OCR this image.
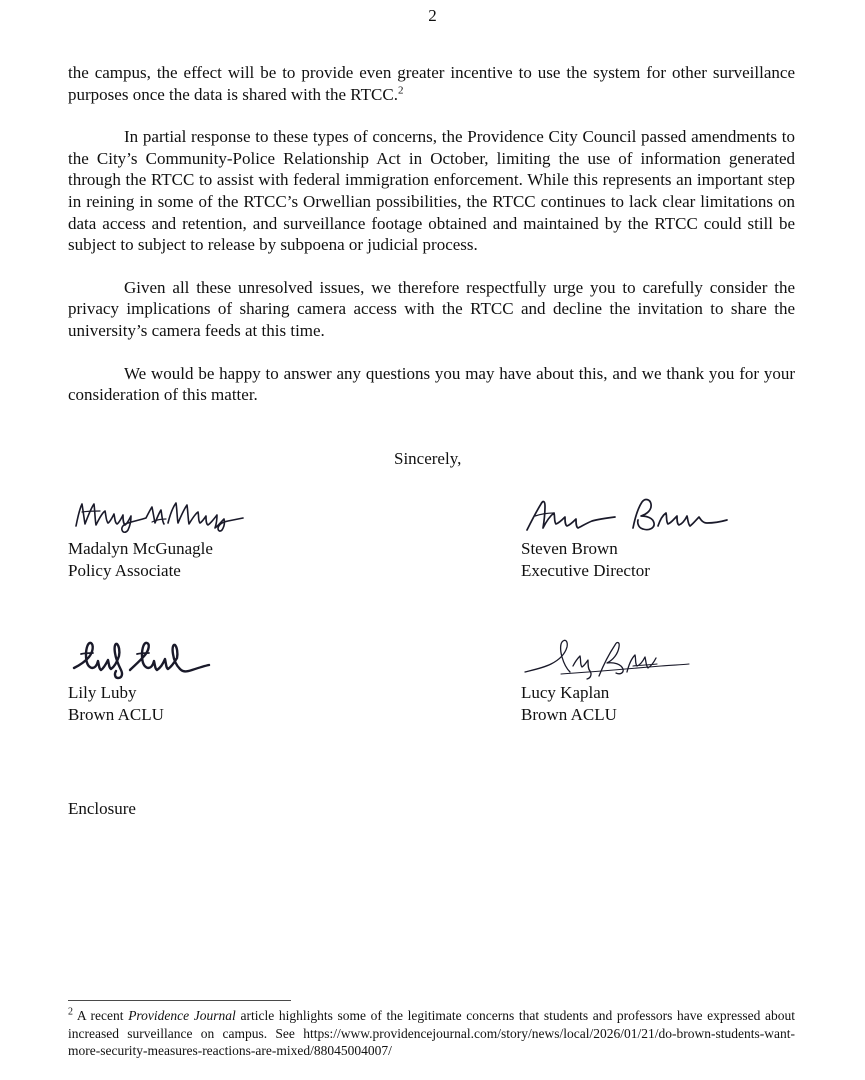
2

the campus, the effect will be to provide even greater incentive to use the system for other surveillance purposes once the data is shared with the RTCC.$^2$

In partial response to these types of concerns, the Providence City Council passed amendments to the City’s Community-Police Relationship Act in October, limiting the use of information generated through the RTCC to assist with federal immigration enforcement. While this represents an important step in reining in some of the RTCC’s Orwellian possibilities, the RTCC continues to lack clear limitations on data access and retention, and surveillance footage obtained and maintained by the RTCC could still be subject to subject to release by subpoena or judicial process.

Given all these unresolved issues, we therefore respectfully urge you to carefully consider the privacy implications of sharing camera access with the RTCC and decline the invitation to share the university’s camera feeds at this time.

We would be happy to answer any questions you may have about this, and we thank you for your consideration of this matter.

Sincerely,
Madalyn McGunagle
Policy Associate
Steven Brown
Executive Director
Lily Luby
Brown ACLU
Lucy Kaplan
Brown ACLU
Enclosure

$^2$ A recent Providence Journal article highlights some of the legitimate concerns that students and professors have expressed about increased surveillance on campus. See https://www.providencejournal.com/story/news/local/2026/01/21/do-brown-students-want-more-security-measures-reactions-are-mixed/88045004007/
